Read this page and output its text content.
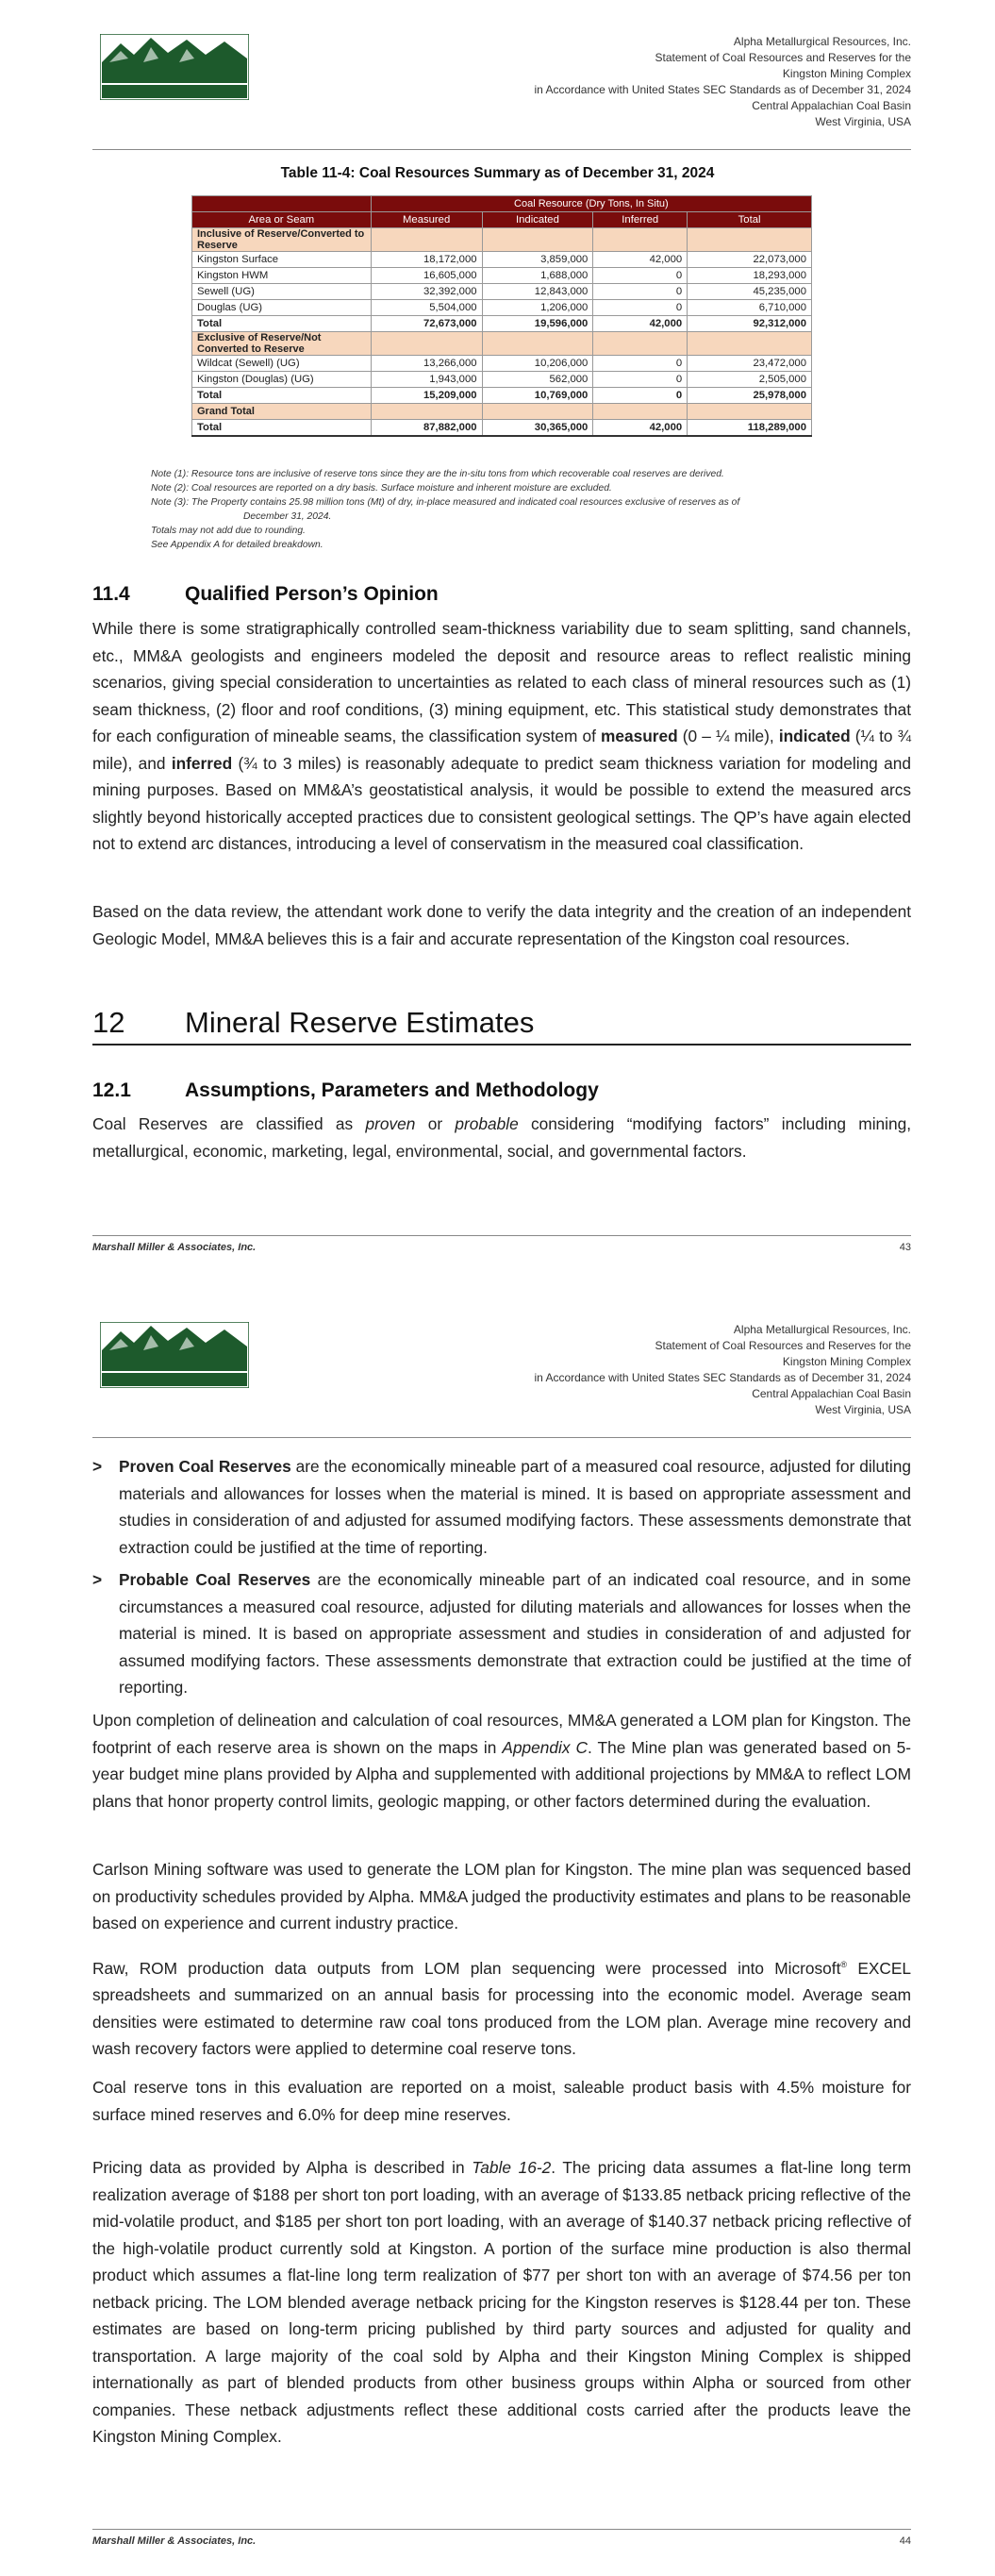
Alpha Metallurgical Resources, Inc.
Statement of Coal Resources and Reserves for the
Kingston Mining Complex
in Accordance with United States SEC Standards as of December 31, 2024
Central Appalachian Coal Basin
West Virginia, USA
Table 11-4: Coal Resources Summary as of December 31, 2024
	Coal Resource (Dry Tons, In Situ)			
Area or Seam	Measured	Indicated	Inferred	Total
Inclusive of Reserve/Converted to Reserve				
Kingston Surface	18,172,000	3,859,000	42,000	22,073,000
Kingston HWM	16,605,000	1,688,000	0	18,293,000
Sewell (UG)	32,392,000	12,843,000	0	45,235,000
Douglas (UG)	5,504,000	1,206,000	0	6,710,000
Total	72,673,000	19,596,000	42,000	92,312,000
Exclusive of Reserve/Not Converted to Reserve				
Wildcat (Sewell) (UG)	13,266,000	10,206,000	0	23,472,000
Kingston (Douglas) (UG)	1,943,000	562,000	0	2,505,000
Total	15,209,000	10,769,000	0	25,978,000
Grand Total				
Total	87,882,000	30,365,000	42,000	118,289,000
Note (1): Resource tons are inclusive of reserve tons since they are the in-situ tons from which recoverable coal reserves are derived.
Note (2): Coal resources are reported on a dry basis. Surface moisture and inherent moisture are excluded.
Note (3): The Property contains 25.98 million tons (Mt) of dry, in-place measured and indicated coal resources exclusive of reserves as of
December 31, 2024.
Totals may not add due to rounding.
See Appendix A for detailed breakdown.
11.4	Qualified Person’s Opinion
While there is some stratigraphically controlled seam-thickness variability due to seam splitting, sand channels, etc., MM&A geologists and engineers modeled the deposit and resource areas to reflect realistic mining scenarios, giving special consideration to uncertainties as related to each class of mineral resources such as (1) seam thickness, (2) floor and roof conditions, (3) mining equipment, etc. This statistical study demonstrates that for each configuration of mineable seams, the classification system of measured (0 – ¼ mile), indicated (¼ to ¾ mile), and inferred (¾ to 3 miles) is reasonably adequate to predict seam thickness variation for modeling and mining purposes. Based on MM&A’s geostatistical analysis, it would be possible to extend the measured arcs slightly beyond historically accepted practices due to consistent geological settings. The QP’s have again elected not to extend arc distances, introducing a level of conservatism in the measured coal classification.
Based on the data review, the attendant work done to verify the data integrity and the creation of an independent Geologic Model, MM&A believes this is a fair and accurate representation of the Kingston coal resources.
12 Mineral Reserve Estimates
12.1	Assumptions, Parameters and Methodology
Coal Reserves are classified as proven or probable considering “modifying factors” including mining, metallurgical, economic, marketing, legal, environmental, social, and governmental factors.
Marshall Miller & Associates, Inc.	43
Alpha Metallurgical Resources, Inc.
Statement of Coal Resources and Reserves for the
Kingston Mining Complex
in Accordance with United States SEC Standards as of December 31, 2024
Central Appalachian Coal Basin
West Virginia, USA
> Proven Coal Reserves are the economically mineable part of a measured coal resource, adjusted for diluting materials and allowances for losses when the material is mined. It is based on appropriate assessment and studies in consideration of and adjusted for assumed modifying factors. These assessments demonstrate that extraction could be justified at the time of reporting.
> Probable Coal Reserves are the economically mineable part of an indicated coal resource, and in some circumstances a measured coal resource, adjusted for diluting materials and allowances for losses when the material is mined. It is based on appropriate assessment and studies in consideration of and adjusted for assumed modifying factors. These assessments demonstrate that extraction could be justified at the time of reporting.
Upon completion of delineation and calculation of coal resources, MM&A generated a LOM plan for Kingston. The footprint of each reserve area is shown on the maps in Appendix C. The Mine plan was generated based on 5-year budget mine plans provided by Alpha and supplemented with additional projections by MM&A to reflect LOM plans that honor property control limits, geologic mapping, or other factors determined during the evaluation.
Carlson Mining software was used to generate the LOM plan for Kingston. The mine plan was sequenced based on productivity schedules provided by Alpha. MM&A judged the productivity estimates and plans to be reasonable based on experience and current industry practice.
Raw, ROM production data outputs from LOM plan sequencing were processed into Microsoft® EXCEL spreadsheets and summarized on an annual basis for processing into the economic model. Average seam densities were estimated to determine raw coal tons produced from the LOM plan. Average mine recovery and wash recovery factors were applied to determine coal reserve tons.
Coal reserve tons in this evaluation are reported on a moist, saleable product basis with 4.5% moisture for surface mined reserves and 6.0% for deep mine reserves.
Pricing data as provided by Alpha is described in Table 16-2. The pricing data assumes a flat-line long term realization average of $188 per short ton port loading, with an average of $133.85 netback pricing reflective of the mid-volatile product, and $185 per short ton port loading, with an average of $140.37 netback pricing reflective of the high-volatile product currently sold at Kingston. A portion of the surface mine production is also thermal product which assumes a flat-line long term realization of $77 per short ton with an average of $74.56 per ton netback pricing. The LOM blended average netback pricing for the Kingston reserves is $128.44 per ton. These estimates are based on long-term pricing published by third party sources and adjusted for quality and transportation. A large majority of the coal sold by Alpha and their Kingston Mining Complex is shipped internationally as part of blended products from other business groups within Alpha or sourced from other companies. These netback adjustments reflect these additional costs carried after the products leave the Kingston Mining Complex.
Marshall Miller & Associates, Inc.	44
